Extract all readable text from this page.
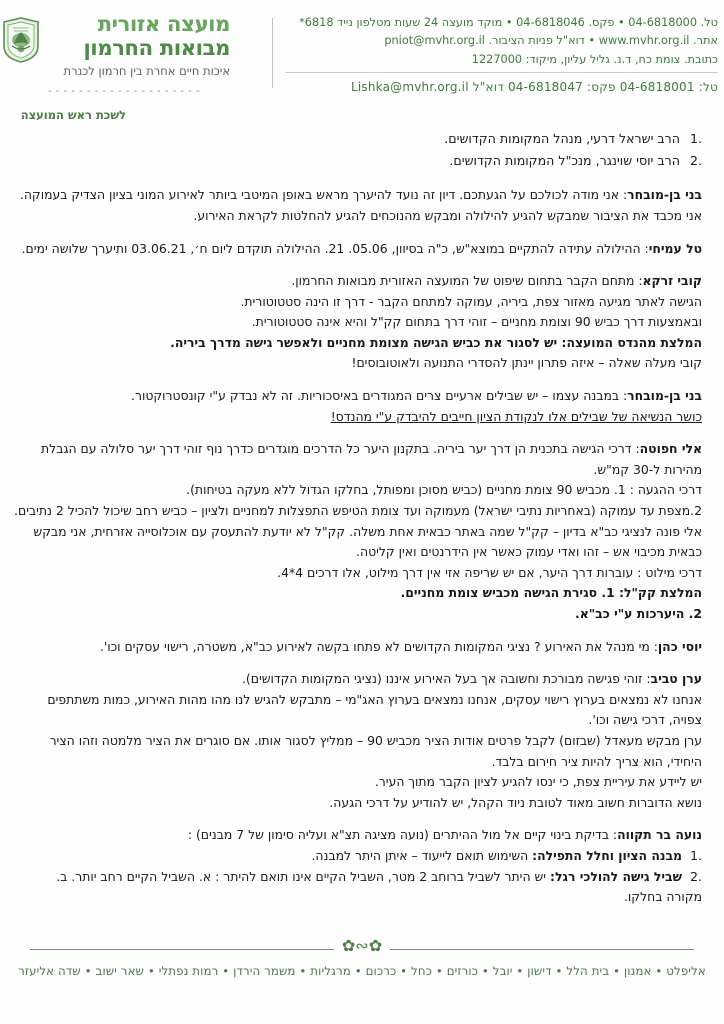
מועצה אזורית
מבואות החרמון
איכות חיים אחרת בין חרמון לכנרת
- - - - - - - - - - - - - - - - - - - -
טל. 04-6818000 • פקס. 04-6818046 • מוקד מועצה 24 שעות מטלפון נייד 6818*
אתר. www.mvhr.org.il • דוא"ל פניות הציבור. pniot@mvhr.org.il
כתובת. צומת כח, ד.נ. גליל עליון, מיקוד: 1227000
טל: 04-6818001 פקס: 04-6818047 דוא"ל Lishka@mvhr.org.il
לשכת ראש המועצה
1.הרב ישראל דרעי, מנהל המקומות הקדושים.
2.הרב יוסי שוינגר, מנכ"ל המקומות הקדושים.

בני בן-מובחר: אני מודה לכולכם על הגעתכם. דיון זה נועד להיערך מראש באופן המיטבי ביותר לאירוע המוני בציון הצדיק בעמוקה. אני מכבד את הציבור שמבקש להגיע להילולה ומבקש מהנוכחים להגיע להחלטות לקראת האירוע.

טל עמיחי: ההילולה עתידה להתקיים במוצא"ש, כ"ה בסיוון, 05.06. 21. ההילולה תוקדם ליום ח׳, 03.06.21 ותיערך שלושה ימים.

קובי זרקא: מתחם הקבר בתחום שיפוט של המועצה האזורית מבואות החרמון.

הגישה לאתר מגיעה מאזור צפת, ביריה, עמוקה למתחם הקבר - דרך זו הינה סטטוטורית.

ובאמצעות דרך כביש 90 וצומת מחניים – זוהי דרך בתחום קק"ל והיא אינה סטטוטורית.

המלצת מהנדס המועצה: יש לסגור את כביש הגישה מצומת מחניים ולאפשר גישה מדרך ביריה.

קובי מעלה שאלה – איזה פתרון יינתן להסדרי התנועה ולאוטובוסים!

בני בן-מובחר: במבנה עצמו – יש שבילים ארעיים צרים המגודרים באיסכוריות. זה לא נבדק ע"י קונסטרוקטור.

כושר הנשיאה של שבילים אלו לנקודת הציון חייבים להיבדק ע"י מהנדס!

אלי חפוטה: דרכי הגישה בתכנית הן דרך יער ביריה. בתקנון היער כל הדרכים מוגדרים כדרך נוף זוהי דרך יער סלולה עם הגבלת מהירות ל-30 קמ"ש.

דרכי ההגעה : 1. מכביש 90 צומת מחניים (כביש מסוכן ומפותל, בחלקו הגדול ללא מעקה בטיחות).

2.מצפת עד עמוקה (באחריות נתיבי ישראל) מעמוקה ועד צומת הטיפש התפצלות למחניים ולציון – כביש רחב שיכול להכיל 2 נתיבים.

אלי פונה לנציגי כב"א בדיון – קק"ל שמה באתר כבאית אחת משלה. קק"ל לא יודעת להתעסק עם אוכלוסייה אזרחית, אני מבקש כבאית מכיבוי אש – זהו ואדי עמוק כאשר אין הידרנטים ואין קליטה.

דרכי מילוט : עוברות דרך היער, אם יש שריפה אזי אין דרך מילוט, אלו דרכים 4*4.

המלצת קק"ל: 1. סגירת הגישה מכביש צומת מחניים.

2. היערכות ע"י כב"א.

יוסי כהן: מי מנהל את האירוע ? נציגי המקומות הקדושים לא פתחו בקשה לאירוע כב"א, משטרה, רישוי עסקים וכו'.

ערן טביב: זוהי פגישה מבורכת וחשובה אך בעל האירוע איננו (נציגי המקומות הקדושים).

אנחנו לא נמצאים בערוץ רישוי עסקים, אנחנו נמצאים בערוץ האג"מי – מתבקש להגיש לנו מהו מהות האירוע, כמות משתתפים צפויה, דרכי גישה וכו'.

ערן מבקש מעאדל (שבזום) לקבל פרטים אודות הציר מכביש 90 – ממליץ לסגור אותו. אם סוגרים את הציר מלמטה וזהו הציר היחידי, הוא צריך להיות ציר חירום בלבד.

יש ליידע את עיריית צפת, כי ינסו להגיע לציון הקבר מתוך העיר.

נושא הדוברות חשוב מאוד לטובת ניוד הקהל, יש להודיע על דרכי הגעה.

נועה בר תקווה: בדיקת בינוי קיים אל מול ההיתרים (נועה מציגה תצ"א ועליה סימון של 7 מבנים) :

1.מבנה הציון וחלל התפילה: השימוש תואם לייעוד – איתן היתר למבנה.
2.שביל גישה להולכי רגל: יש היתר לשביל ברוחב 2 מטר, השביל הקיים אינו תואם להיתר : א. השביל הקיים רחב יותר. ב. מקורה בחלקו.
✿∾✿
אליפלט • אמנון • בית הלל • דישון • יובל • כורזים • כחל • כרכום • מרגליות • משמר הירדן • רמות נפתלי • שאר ישוב • שדה אליעזר
